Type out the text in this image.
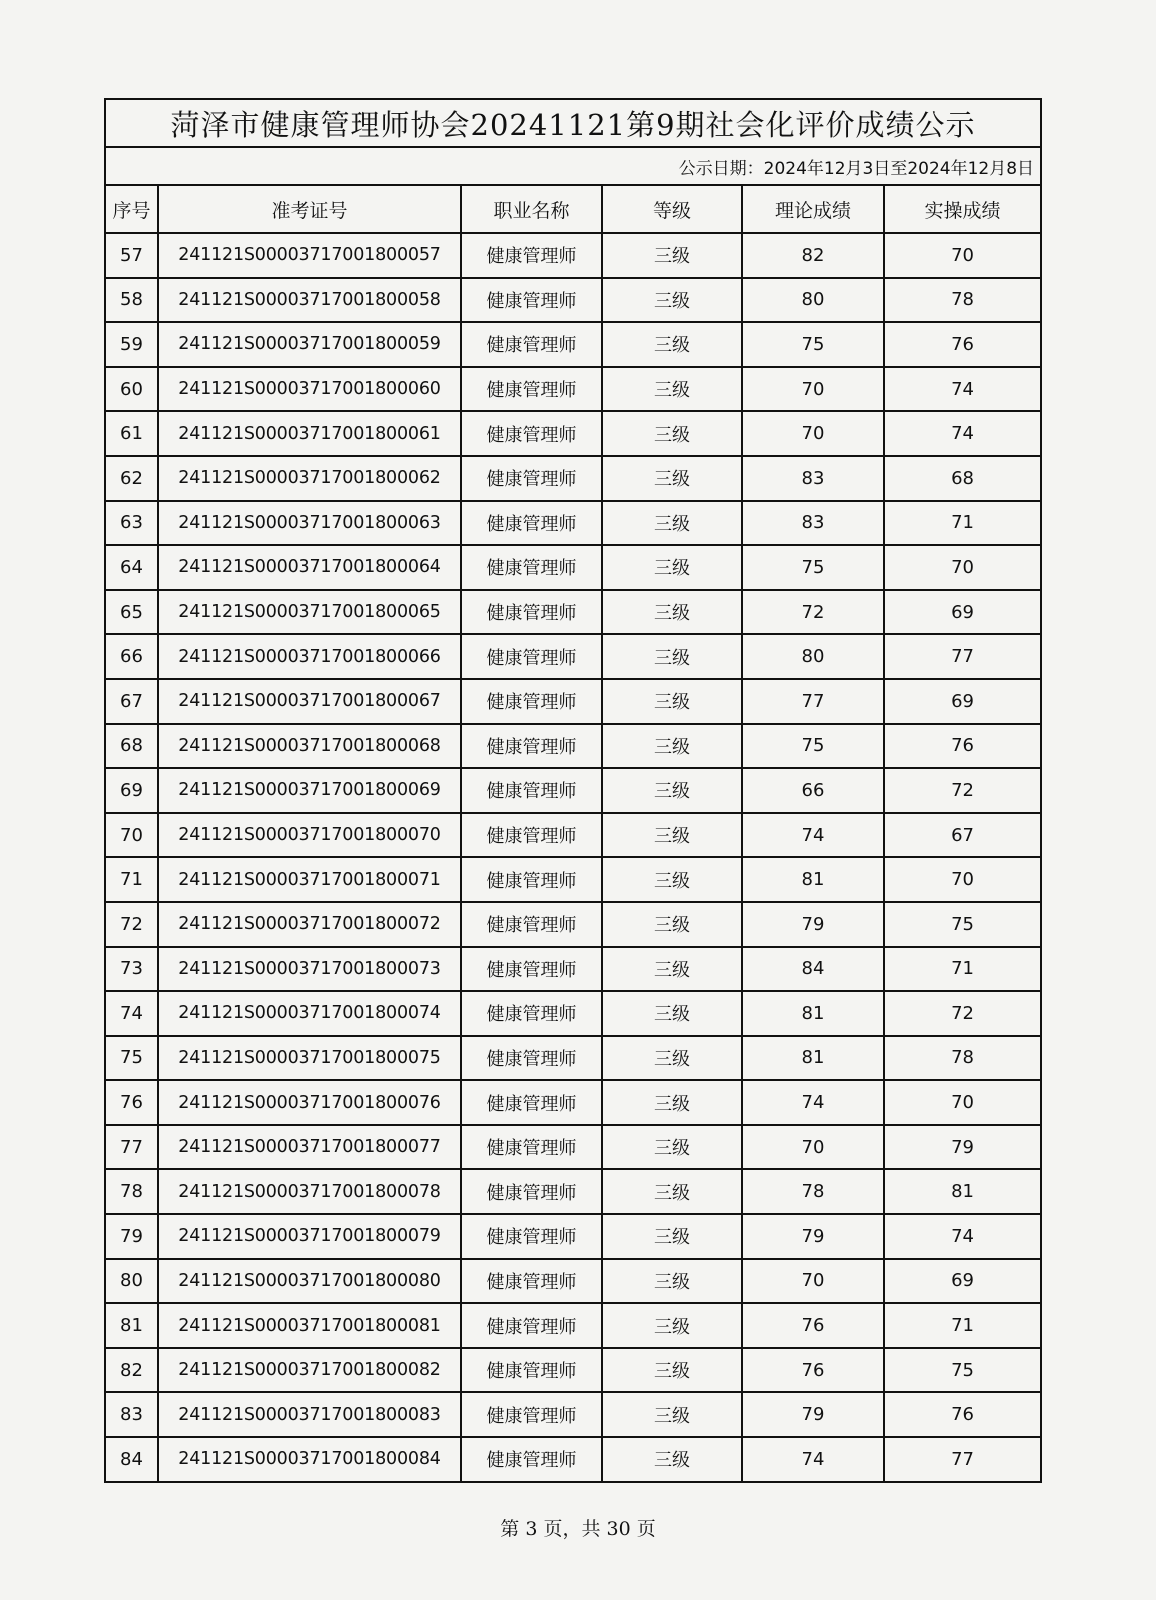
菏泽市健康管理师协会20241121第9期社会化评价成绩公示					
公示日期：2024年12月3日至2024年12月8日					
序号	准考证号	职业名称	等级	理论成绩	实操成绩
57	241121S00003717001800057	健康管理师	三级	82	70
58	241121S00003717001800058	健康管理师	三级	80	78
59	241121S00003717001800059	健康管理师	三级	75	76
60	241121S00003717001800060	健康管理师	三级	70	74
61	241121S00003717001800061	健康管理师	三级	70	74
62	241121S00003717001800062	健康管理师	三级	83	68
63	241121S00003717001800063	健康管理师	三级	83	71
64	241121S00003717001800064	健康管理师	三级	75	70
65	241121S00003717001800065	健康管理师	三级	72	69
66	241121S00003717001800066	健康管理师	三级	80	77
67	241121S00003717001800067	健康管理师	三级	77	69
68	241121S00003717001800068	健康管理师	三级	75	76
69	241121S00003717001800069	健康管理师	三级	66	72
70	241121S00003717001800070	健康管理师	三级	74	67
71	241121S00003717001800071	健康管理师	三级	81	70
72	241121S00003717001800072	健康管理师	三级	79	75
73	241121S00003717001800073	健康管理师	三级	84	71
74	241121S00003717001800074	健康管理师	三级	81	72
75	241121S00003717001800075	健康管理师	三级	81	78
76	241121S00003717001800076	健康管理师	三级	74	70
77	241121S00003717001800077	健康管理师	三级	70	79
78	241121S00003717001800078	健康管理师	三级	78	81
79	241121S00003717001800079	健康管理师	三级	79	74
80	241121S00003717001800080	健康管理师	三级	70	69
81	241121S00003717001800081	健康管理师	三级	76	71
82	241121S00003717001800082	健康管理师	三级	76	75
83	241121S00003717001800083	健康管理师	三级	79	76
84	241121S00003717001800084	健康管理师	三级	74	77
第 3 页，共 30 页
